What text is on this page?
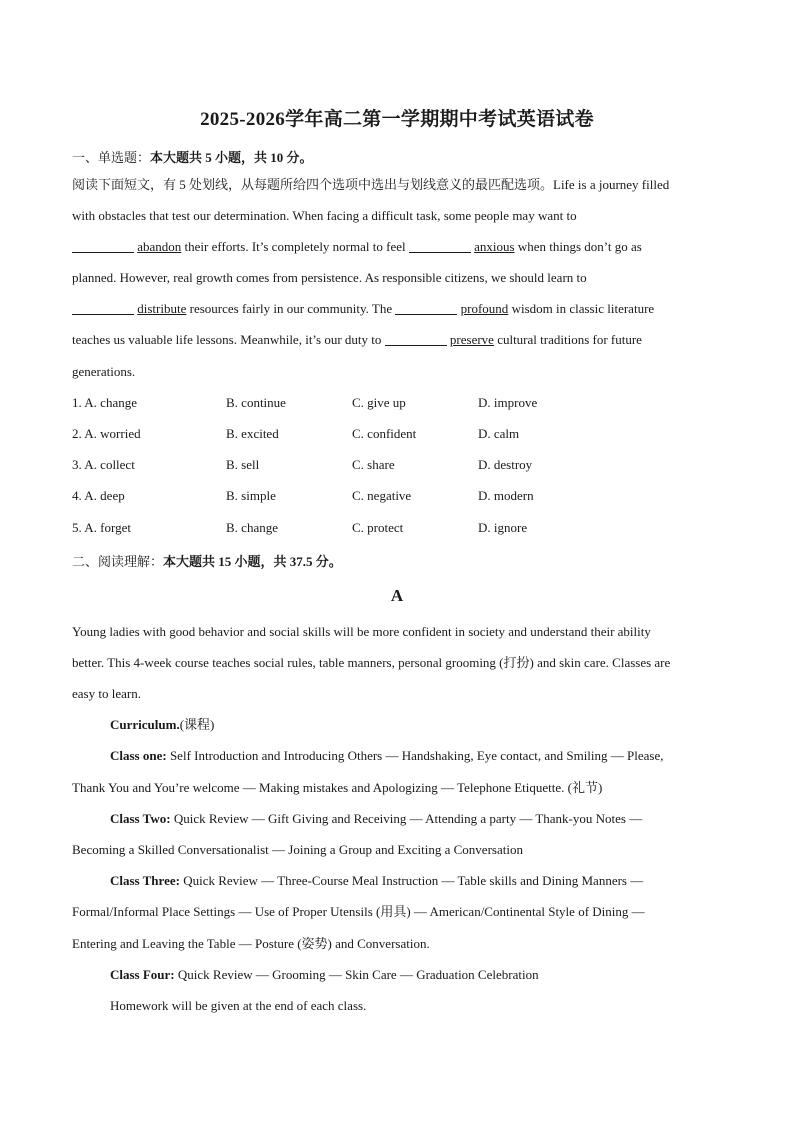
2025-2026学年高二第一学期期中考试英语试卷
一、单选题：本大题共 5 小题，共 10 分。
阅读下面短文，有 5 处划线，从每题所给四个选项中选出与划线意义的最匹配选项。Life is a journey filled
with obstacles that test our determination. When facing a difficult task, some people may want to
abandon their efforts. It’s completely normal to feel	anxious when things don’t go as
planned. However, real growth comes from persistence. As responsible citizens, we should learn to
distribute resources fairly in our community. The	profound wisdom in classic literature
teaches us valuable life lessons. Meanwhile, it’s our duty to	preserve cultural traditions for future
generations.
1. A. change	B. continue	C. give up	D. improve
2. A. worried	B. excited	C. confident	D. calm
3. A. collect	B. sell	C. share	D. destroy
4. A. deep	B. simple	C. negative	D. modern
5. A. forget	B. change	C. protect	D. ignore
二、阅读理解：本大题共 15 小题，共 37.5 分。
A
Young ladies with good behavior and social skills will be more confident in society and understand their ability
better. This 4-week course teaches social rules, table manners, personal grooming (打扮) and skin care. Classes are
easy to learn.
Curriculum.(课程)
Class one: Self Introduction and Introducing Others — Handshaking, Eye contact, and Smiling — Please,
Thank You and You’re welcome — Making mistakes and Apologizing — Telephone Etiquette. (礼节)
Class Two: Quick Review — Gift Giving and Receiving — Attending a party — Thank-you Notes —
Becoming a Skilled Conversationalist — Joining a Group and Exciting a Conversation
Class Three: Quick Review — Three-Course Meal Instruction — Table skills and Dining Manners —
Formal/Informal Place Settings — Use of Proper Utensils (用具) — American/Continental Style of Dining —
Entering and Leaving the Table — Posture (姿势) and Conversation.
Class Four: Quick Review — Grooming — Skin Care — Graduation Celebration
Homework will be given at the end of each class.
